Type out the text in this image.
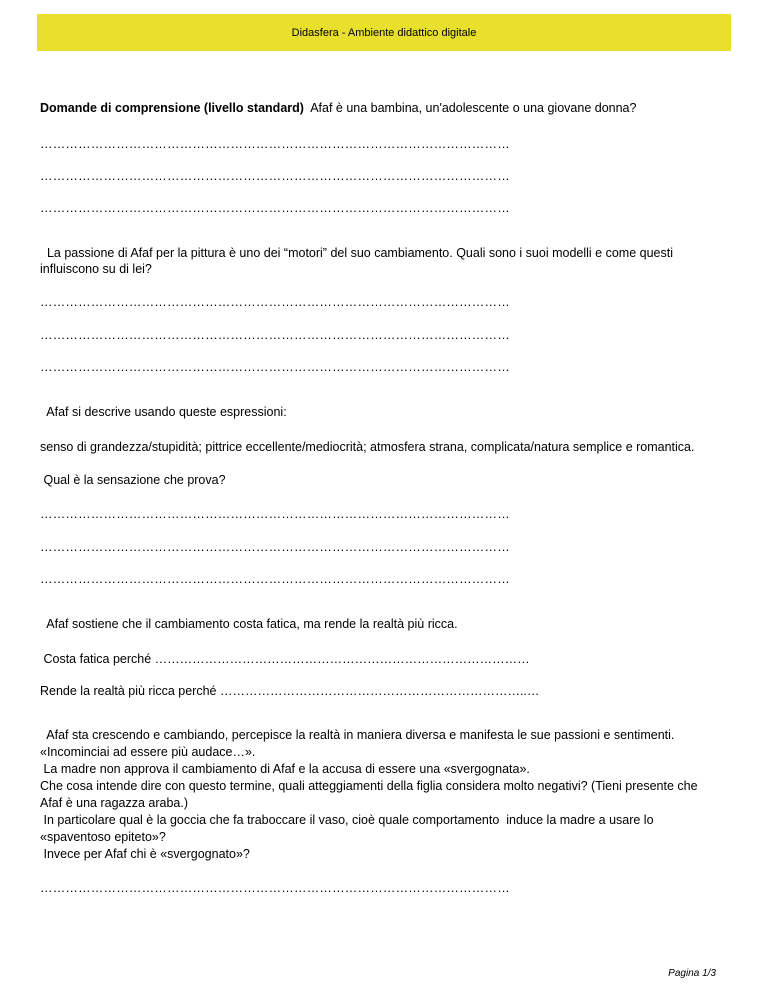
Didasfera - Ambiente didattico digitale
Domande di comprensione (livello standard)  Afaf è una bambina, un'adolescente o una giovane donna?
…………………………………………………………………………………………………
…………………………………………………………………………………………………
…………………………………………………………………………………………………
La passione di Afaf per la pittura è uno dei “motori” del suo cambiamento. Quali sono i suoi modelli e come questi
influiscono su di lei?
…………………………………………………………………………………………………
…………………………………………………………………………………………………
…………………………………………………………………………………………………
Afaf si descrive usando queste espressioni:
senso di grandezza/stupidità; pittrice eccellente/mediocrità; atmosfera strana, complicata/natura semplice e romantica.
Qual è la sensazione che prova?
…………………………………………………………………………………………………
…………………………………………………………………………………………………
…………………………………………………………………………………………………
Afaf sostiene che il cambiamento costa fatica, ma rende la realtà più ricca.
Costa fatica perché ………………………………………………………………………………
Rende la realtà più ricca perché ………………………………………………………………..…
Afaf sta crescendo e cambiando, percepisce la realtà in maniera diversa e manifesta le sue passioni e sentimenti.
«Incominciai ad essere più audace…».
La madre non approva il cambiamento di Afaf e la accusa di essere una «svergognata».
Che cosa intende dire con questo termine, quali atteggiamenti della figlia considera molto negativi? (Tieni presente che
Afaf è una ragazza araba.)
In particolare qual è la goccia che fa traboccare il vaso, cioè quale comportamento  induce la madre a usare lo
«spaventoso epiteto»?
Invece per Afaf chi è «svergognato»?
…………………………………………………………………………………………………
Pagina 1/3
